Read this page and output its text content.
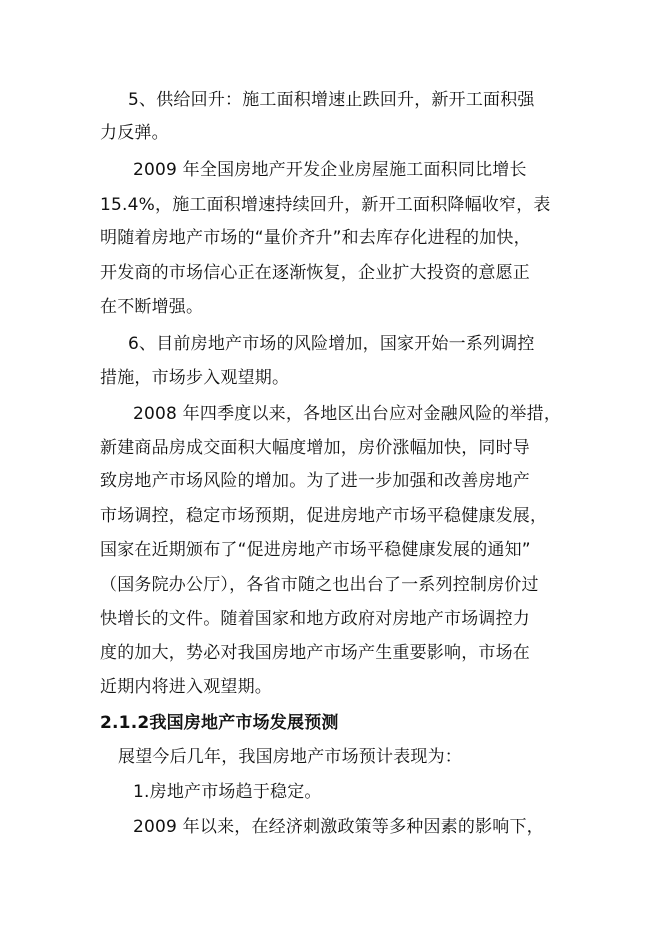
5、供给回升：施工面积增速止跌回升，新开工面积强
力反弹。
2009 年全国房地产开发企业房屋施工面积同比增长
15.4%，施工面积增速持续回升，新开工面积降幅收窄，表
明随着房地产市场的“量价齐升”和去库存化进程的加快，
开发商的市场信心正在逐渐恢复，企业扩大投资的意愿正
在不断增强。
6、目前房地产市场的风险增加，国家开始一系列调控
措施，市场步入观望期。
2008 年四季度以来，各地区出台应对金融风险的举措，
新建商品房成交面积大幅度增加，房价涨幅加快，同时导
致房地产市场风险的增加。为了进一步加强和改善房地产
市场调控，稳定市场预期，促进房地产市场平稳健康发展，
国家在近期颁布了“促进房地产市场平稳健康发展的通知”
（国务院办公厅），各省市随之也出台了一系列控制房价过
快增长的文件。随着国家和地方政府对房地产市场调控力
度的加大，势必对我国房地产市场产生重要影响，市场在
近期内将进入观望期。
2.1.2我国房地产市场发展预测
展望今后几年，我国房地产市场预计表现为：
1.房地产市场趋于稳定。
2009 年以来，在经济刺激政策等多种因素的影响下，
